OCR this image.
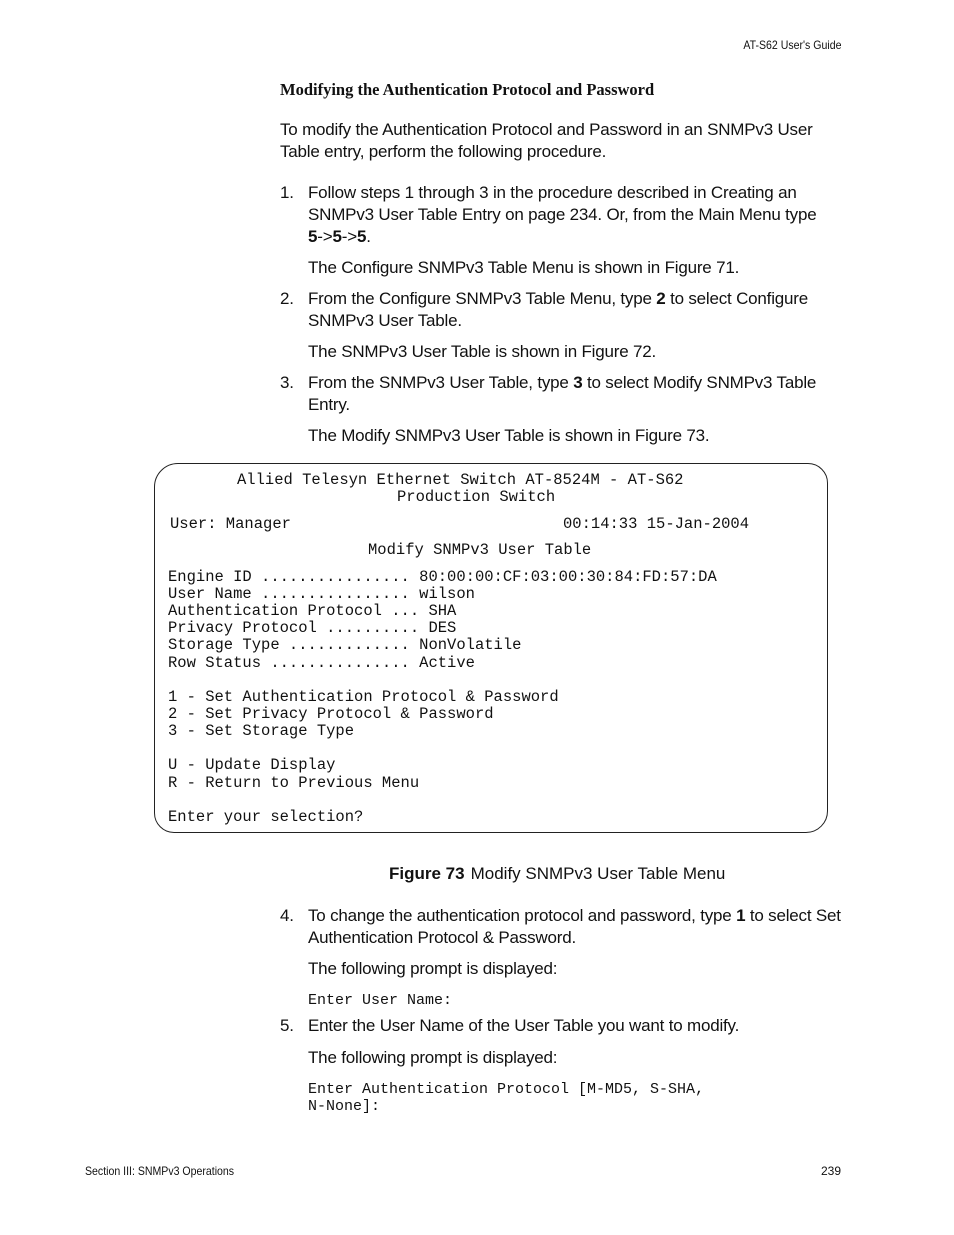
AT-S62 User's Guide
Modifying the Authentication Protocol and Password
To modify the Authentication Protocol and Password in an SNMPv3 User Table entry, perform the following procedure.
1. Follow steps 1 through 3 in the procedure described in Creating an SNMPv3 User Table Entry on page 234. Or, from the Main Menu type
5->5->5.
The Configure SNMPv3 Table Menu is shown in Figure 71.
2. From the Configure SNMPv3 Table Menu, type 2 to select Configure SNMPv3 User Table.
The SNMPv3 User Table is shown in Figure 72.
3. From the SNMPv3 User Table, type 3 to select Modify SNMPv3 Table Entry.
The Modify SNMPv3 User Table is shown in Figure 73.
Allied Telesyn Ethernet Switch AT-8524M - AT-S62
Production Switch
User: Manager	00:14:33 15-Jan-2004
Modify SNMPv3 User Table
Engine ID ................ 80:00:00:CF:03:00:30:84:FD:57:DA
User Name ................ wilson
Authentication Protocol ... SHA
Privacy Protocol .......... DES
Storage Type ............. NonVolatile
Row Status ............... Active
1 - Set Authentication Protocol & Password
2 - Set Privacy Protocol & Password
3 - Set Storage Type
U - Update Display
R - Return to Previous Menu
Enter your selection?
Figure 73 Modify SNMPv3 User Table Menu
4. To change the authentication protocol and password, type 1 to select Set Authentication Protocol & Password.
The following prompt is displayed:
Enter User Name:
5. Enter the User Name of the User Table you want to modify.
The following prompt is displayed:
Enter Authentication Protocol [M-MD5, S-SHA,
N-None]:
Section III: SNMPv3 Operations	239
